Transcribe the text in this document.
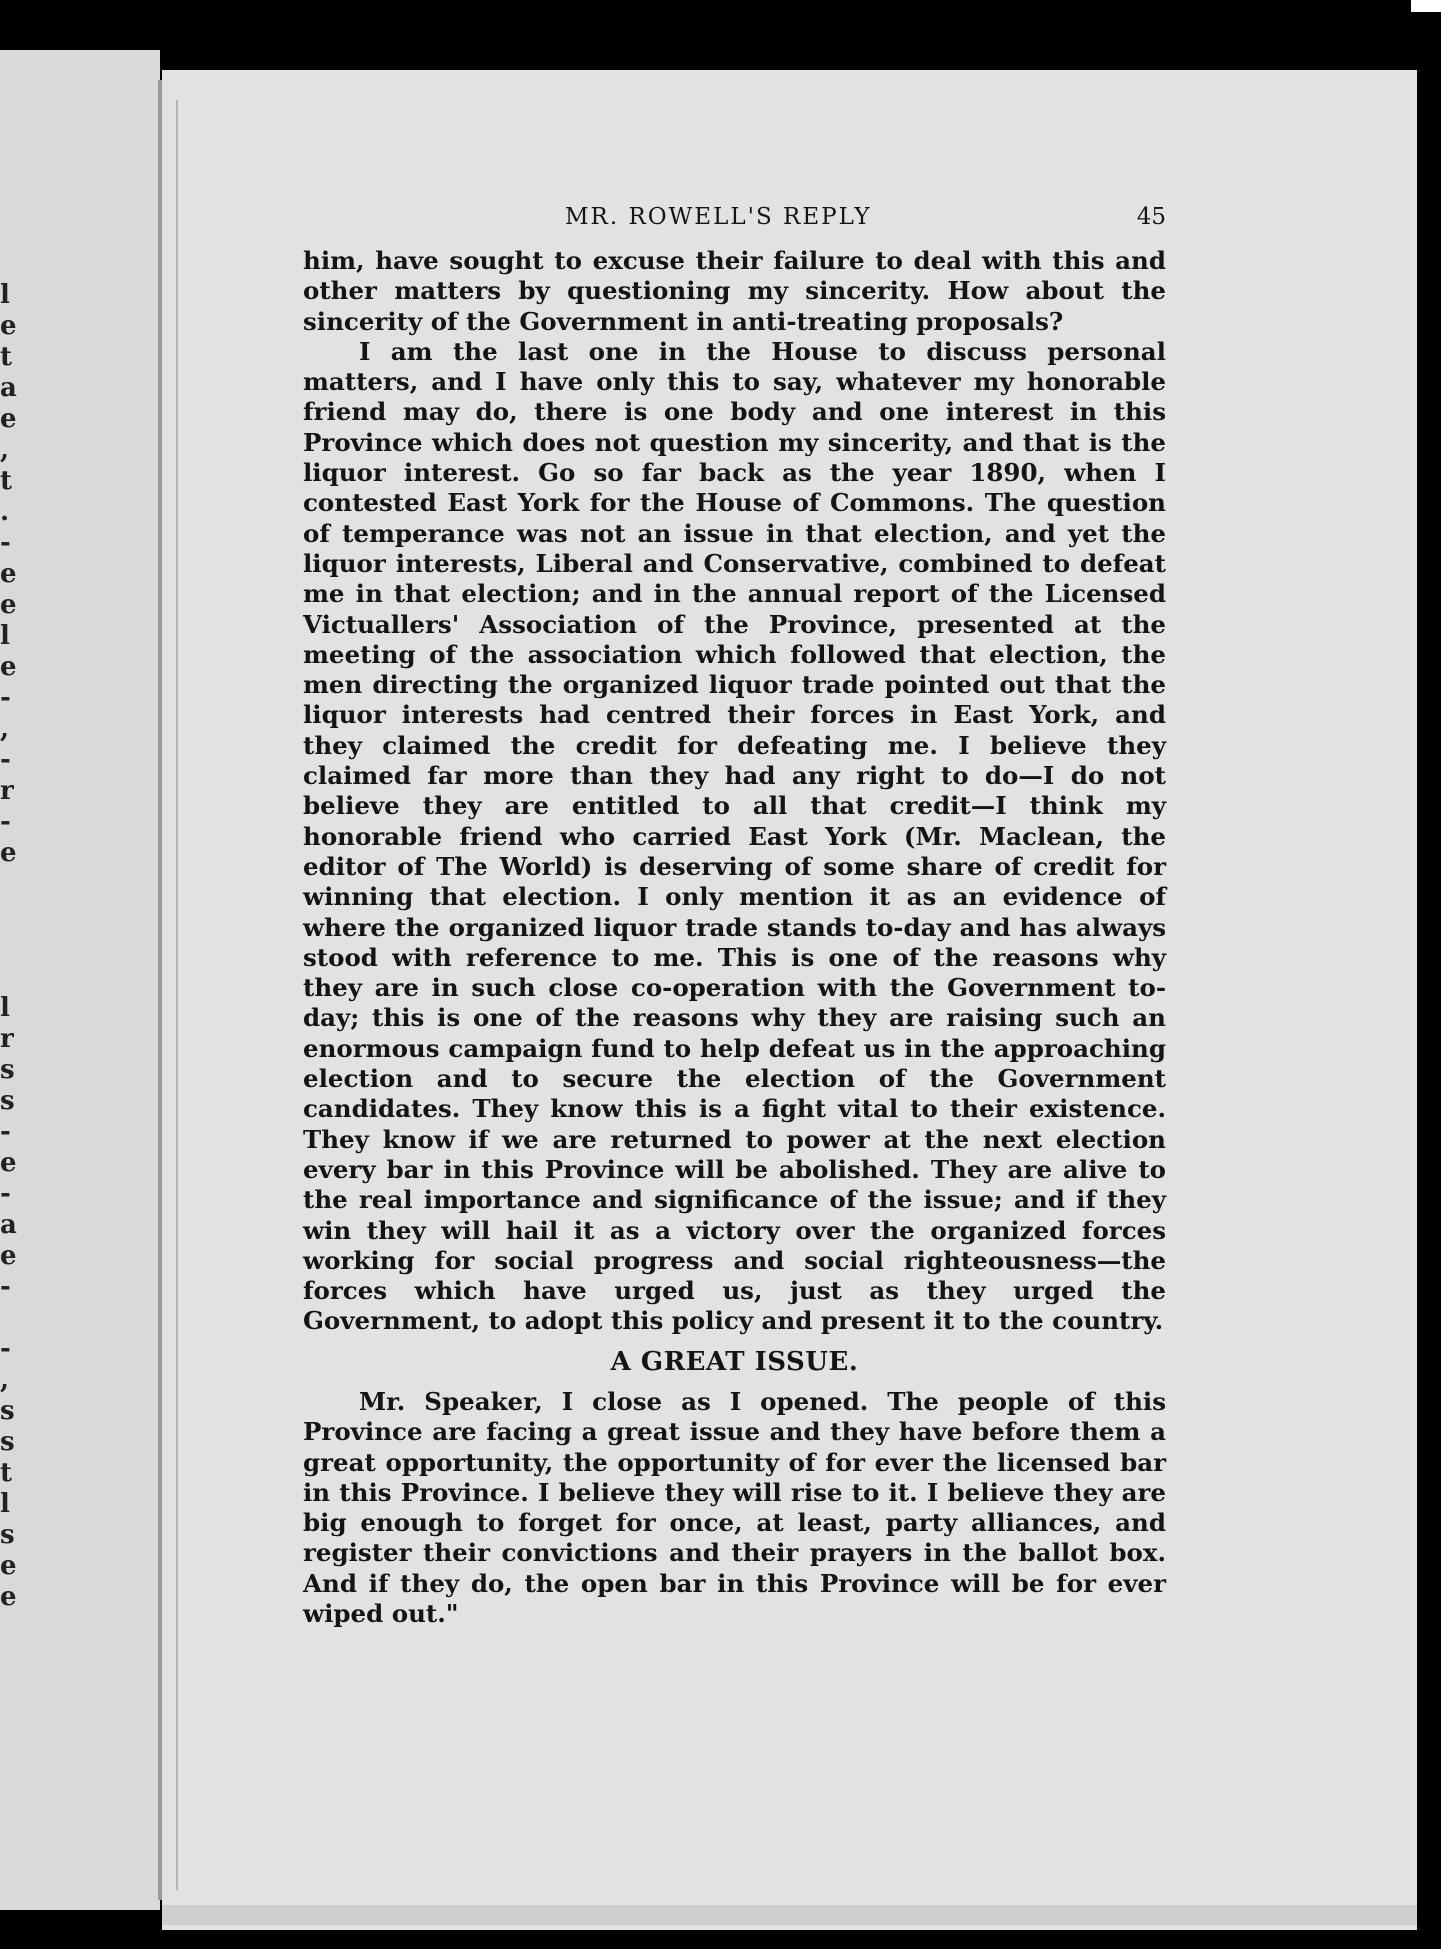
l
e
t
a
e
,
t
.
-
e
e
l
e
-
,
-
r
-
e

l
r
s
s
-
e
-
a
e
-

-
,
s
s
t
l
s
e
e
MR. ROWELL'S REPLY	45

him, have sought to excuse their failure to deal with this and other matters by questioning my sincerity. How about the sincerity of the Government in anti-treating proposals?

I am the last one in the House to discuss personal matters, and I have only this to say, whatever my honorable friend may do, there is one body and one interest in this Province which does not question my sincerity, and that is the liquor interest. Go so far back as the year 1890, when I contested East York for the House of Commons. The question of temperance was not an issue in that election, and yet the liquor interests, Liberal and Conservative, combined to defeat me in that election; and in the annual report of the Licensed Victuallers' Association of the Province, presented at the meeting of the association which followed that election, the men directing the organized liquor trade pointed out that the liquor interests had centred their forces in East York, and they claimed the credit for defeating me. I believe they claimed far more than they had any right to do—I do not believe they are entitled to all that credit—I think my honorable friend who carried East York (Mr. Maclean, the editor of The World) is deserving of some share of credit for winning that election. I only mention it as an evidence of where the organized liquor trade stands to-day and has always stood with reference to me. This is one of the reasons why they are in such close co-operation with the Government to-day; this is one of the reasons why they are raising such an enormous campaign fund to help defeat us in the approaching election and to secure the election of the Government candidates. They know this is a fight vital to their existence. They know if we are returned to power at the next election every bar in this Province will be abolished. They are alive to the real importance and significance of the issue; and if they win they will hail it as a victory over the organized forces working for social progress and social righteousness—the forces which have urged us, just as they urged the Government, to adopt this policy and present it to the country.

A GREAT ISSUE.

Mr. Speaker, I close as I opened. The people of this Province are facing a great issue and they have before them a great opportunity, the opportunity of for ever the licensed bar in this Province. I believe they will rise to it. I believe they are big enough to forget for once, at least, party alliances, and register their convictions and their prayers in the ballot box. And if they do, the open bar in this Province will be for ever wiped out."
